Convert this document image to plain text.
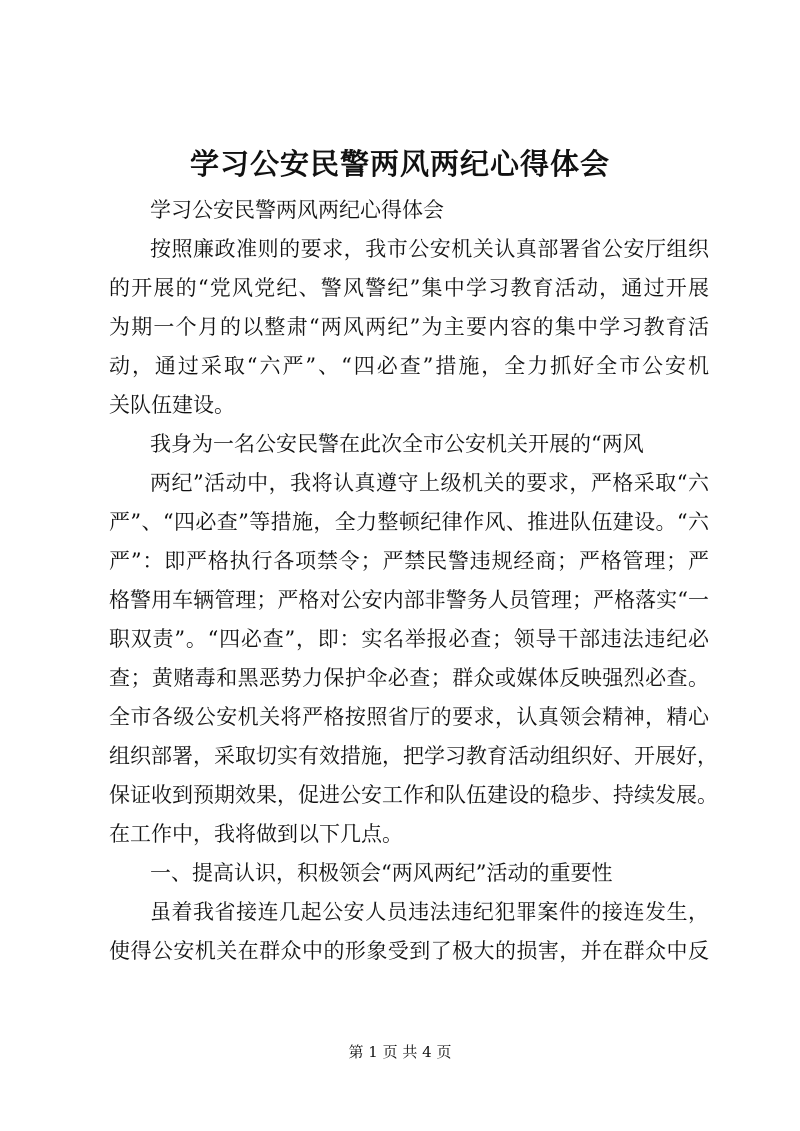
学习公安民警两风两纪心得体会
学习公安民警两风两纪心得体会
按照廉政准则的要求，我市公安机关认真部署省公安厅组织
的开展的“党风党纪、警风警纪”集中学习教育活动，通过开展
为期一个月的以整肃“两风两纪”为主要内容的集中学习教育活
动，通过采取“六严”、“四必查”措施，全力抓好全市公安机
关队伍建设。
我身为一名公安民警在此次全市公安机关开展的“两风
两纪”活动中，我将认真遵守上级机关的要求，严格采取“六
严”、“四必查”等措施，全力整顿纪律作风、推进队伍建设。“六
严”：即严格执行各项禁令；严禁民警违规经商；严格管理；严
格警用车辆管理；严格对公安内部非警务人员管理；严格落实“一
职双责”。“四必查”，即：实名举报必查；领导干部违法违纪必
查；黄赌毒和黑恶势力保护伞必查；群众或媒体反映强烈必查。
全市各级公安机关将严格按照省厅的要求，认真领会精神，精心
组织部署，采取切实有效措施，把学习教育活动组织好、开展好，
保证收到预期效果，促进公安工作和队伍建设的稳步、持续发展。
在工作中，我将做到以下几点。
一、提高认识，积极领会“两风两纪”活动的重要性
虽着我省接连几起公安人员违法违纪犯罪案件的接连发生，
使得公安机关在群众中的形象受到了极大的损害，并在群众中反
第 1 页 共 4 页
